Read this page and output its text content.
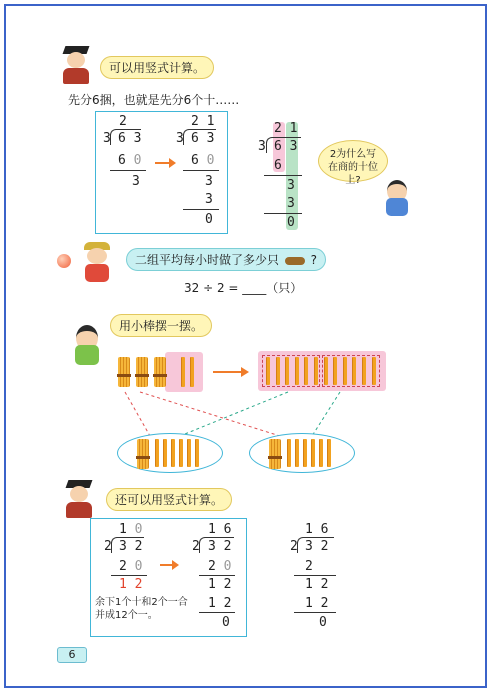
可以用竖式计算。
先分6捆，也就是先分6个十……
2
3 6 3
6 0
3
2 1
3 6 3
6 0
3
3
0
2 1
3 6 3
6
3
3
0
2为什么写在商的十位上?
二组平均每小时做了多少只	?
32 ÷ 2 = ____（只）
用小棒摆一摆。
还可以用竖式计算。
1 0
2 3 2
2 0
1 2
余下1个十和2个一合并成12个一。
1 6
2 3 2
2 0
1 2
1 2
0
1 6
2 3 2
2
1 2
1 2
0
6
